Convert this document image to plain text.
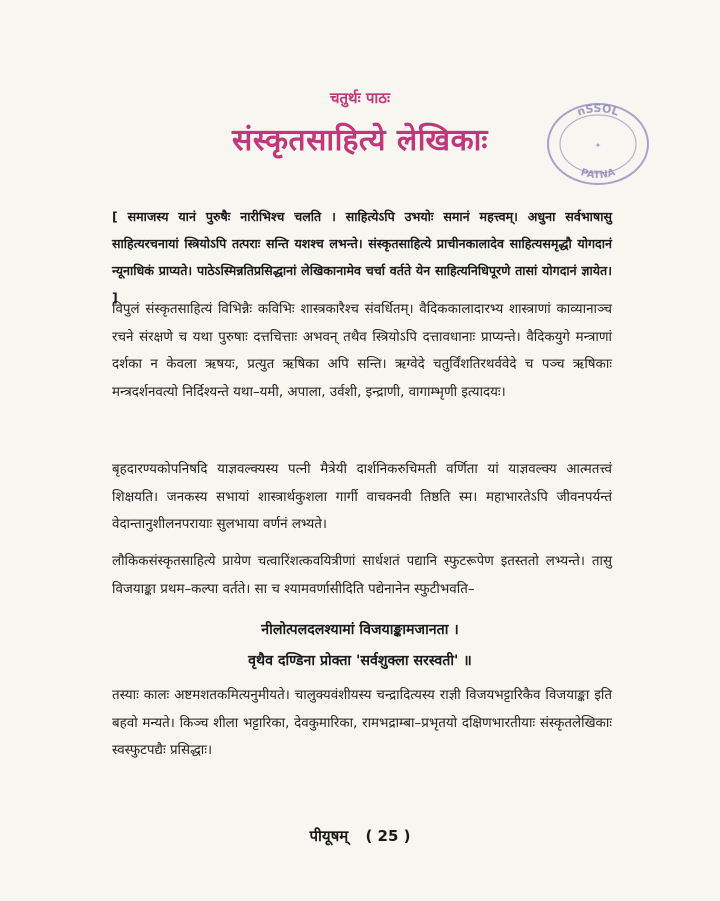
चतुर्थः पाठः
संस्कृतसाहित्ये लेखिकाः
nSSOL
PATNA
✦
[ समाजस्य यानं पुरुषैः नारीभिश्च चलति । साहित्येऽपि उभयोः समानं महत्त्वम्। अधुना सर्वभाषासु साहित्यरचनायां स्त्रियोऽपि तत्पराः सन्ति यशश्च लभन्ते। संस्कृतसाहित्ये प्राचीनकालादेव साहित्यसमृद्धौ योगदानं न्यूनाधिकं प्राप्यते। पाठेऽस्मिन्नतिप्रसिद्धानां लेखिकानामेव चर्चा वर्तते येन साहित्यनिधिपूरणे तासां योगदानं ज्ञायेत। ]
विपुलं संस्कृतसाहित्यं विभिन्नैः कविभिः शास्त्रकारैश्च संवर्धितम्। वैदिककालादारभ्य शास्त्राणां काव्यानाञ्च रचने संरक्षणे च यथा पुरुषाः दत्तचित्ताः अभवन् तथैव स्त्रियोऽपि दत्तावधानाः प्राप्यन्ते। वैदिकयुगे मन्त्राणां दर्शका न केवला ऋषयः, प्रत्युत ऋषिका अपि सन्ति। ऋग्वेदे चतुर्विंशतिरथर्ववेदे च पञ्च ऋषिकाः मन्त्रदर्शनवत्यो निर्दिश्यन्ते यथा–यमी, अपाला, उर्वशी, इन्द्राणी, वागाम्भृणी इत्यादयः।
बृहदारण्यकोपनिषदि याज्ञवल्क्यस्य पत्नी मैत्रेयी दार्शनिकरुचिमती वर्णिता यां याज्ञवल्क्य आत्मतत्त्वं शिक्षयति। जनकस्य सभायां शास्त्रार्थकुशला गार्गी वाचक्नवी तिष्ठति स्म। महाभारतेऽपि जीवनपर्यन्तं वेदान्तानुशीलनपरायाः सुलभाया वर्णनं लभ्यते।
लौकिकसंस्कृतसाहित्ये प्रायेण चत्वारिंशत्कवयित्रीणां सार्धशतं पद्यानि स्फुटरूपेण इतस्ततो लभ्यन्ते। तासु विजयाङ्का प्रथम–कल्पा वर्तते। सा च श्यामवर्णासीदिति पद्येनानेन स्फुटीभवति–
नीलोत्पलदलश्यामां विजयाङ्कामजानता ।
वृथैव दण्डिना प्रोक्ता 'सर्वशुक्ला सरस्वती' ॥
तस्याः कालः अष्टमशतकमित्यनुमीयते। चालुक्यवंशीयस्य चन्द्रादित्यस्य राज्ञी विजयभट्टारिकैव विजयाङ्का इति बहवो मन्यते। किञ्च शीला भट्टारिका, देवकुमारिका, रामभद्राम्बा–प्रभृतयो दक्षिणभारतीयाः संस्कृतलेखिकाः स्वस्फुटपद्यैः प्रसिद्धाः।
पीयूषम् ( 25 )
